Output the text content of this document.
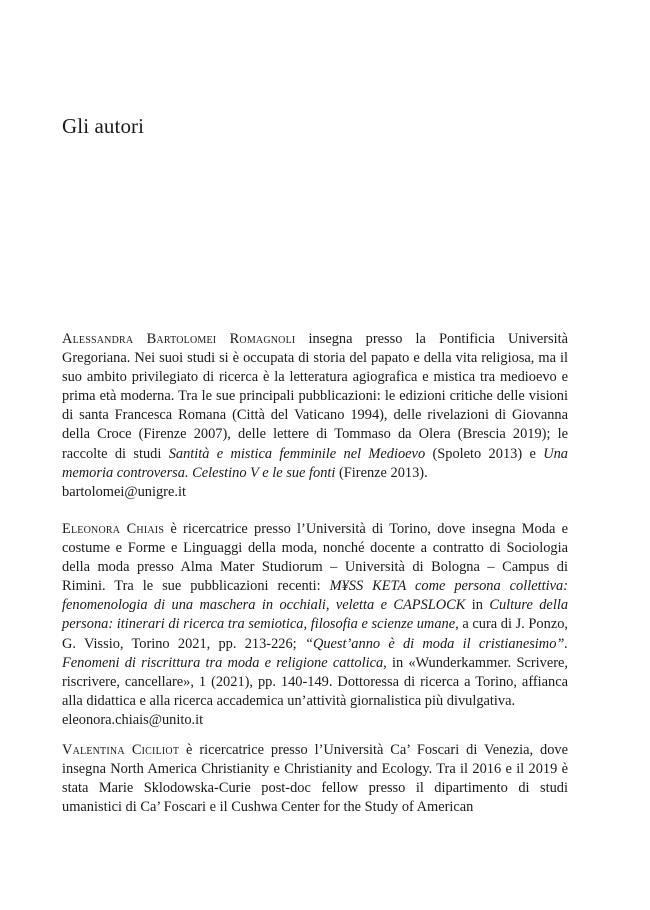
Gli autori

Alessandra Bartolomei Romagnoli insegna presso la Pontificia Università Gregoriana. Nei suoi studi si è occupata di storia del papato e della vita religiosa, ma il suo ambito privilegiato di ricerca è la letteratura agiografica e mistica tra medioevo e prima età moderna. Tra le sue principali pubblicazioni: le edizioni critiche delle visioni di santa Francesca Romana (Città del Vaticano 1994), delle rivelazioni di Giovanna della Croce (Firenze 2007), delle lettere di Tommaso da Olera (Brescia 2019); le raccolte di studi Santità e mistica femminile nel Medioevo (Spoleto 2013) e Una memoria controversa. Celestino V e le sue fonti (Firenze 2013).
bartolomei@unigre.it

Eleonora Chiais è ricercatrice presso l’Università di Torino, dove insegna Moda e costume e Forme e Linguaggi della moda, nonché docente a contratto di Sociologia della moda presso Alma Mater Studiorum – Università di Bologna – Campus di Rimini. Tra le sue pubblicazioni recenti: M¥SS KETA come persona collettiva: fenomenologia di una maschera in occhiali, veletta e CAPSLOCK in Culture della persona: itinerari di ricerca tra semiotica, filosofia e scienze umane, a cura di J. Ponzo, G. Vissio, Torino 2021, pp. 213-226; “Quest’anno è di moda il cristianesimo”. Fenomeni di riscrittura tra moda e religione cattolica, in «Wunderkammer. Scrivere, riscrivere, cancellare», 1 (2021), pp. 140-149. Dottoressa di ricerca a Torino, affianca alla didattica e alla ricerca accademica un’attività giornalistica più divulgativa.
eleonora.chiais@unito.it

Valentina Ciciliot è ricercatrice presso l’Università Ca’ Foscari di Venezia, dove insegna North America Christianity e Christianity and Ecology. Tra il 2016 e il 2019 è stata Marie Sklodowska-Curie post-doc fellow presso il dipartimento di studi umanistici di Ca’ Foscari e il Cushwa Center for the Study of American
